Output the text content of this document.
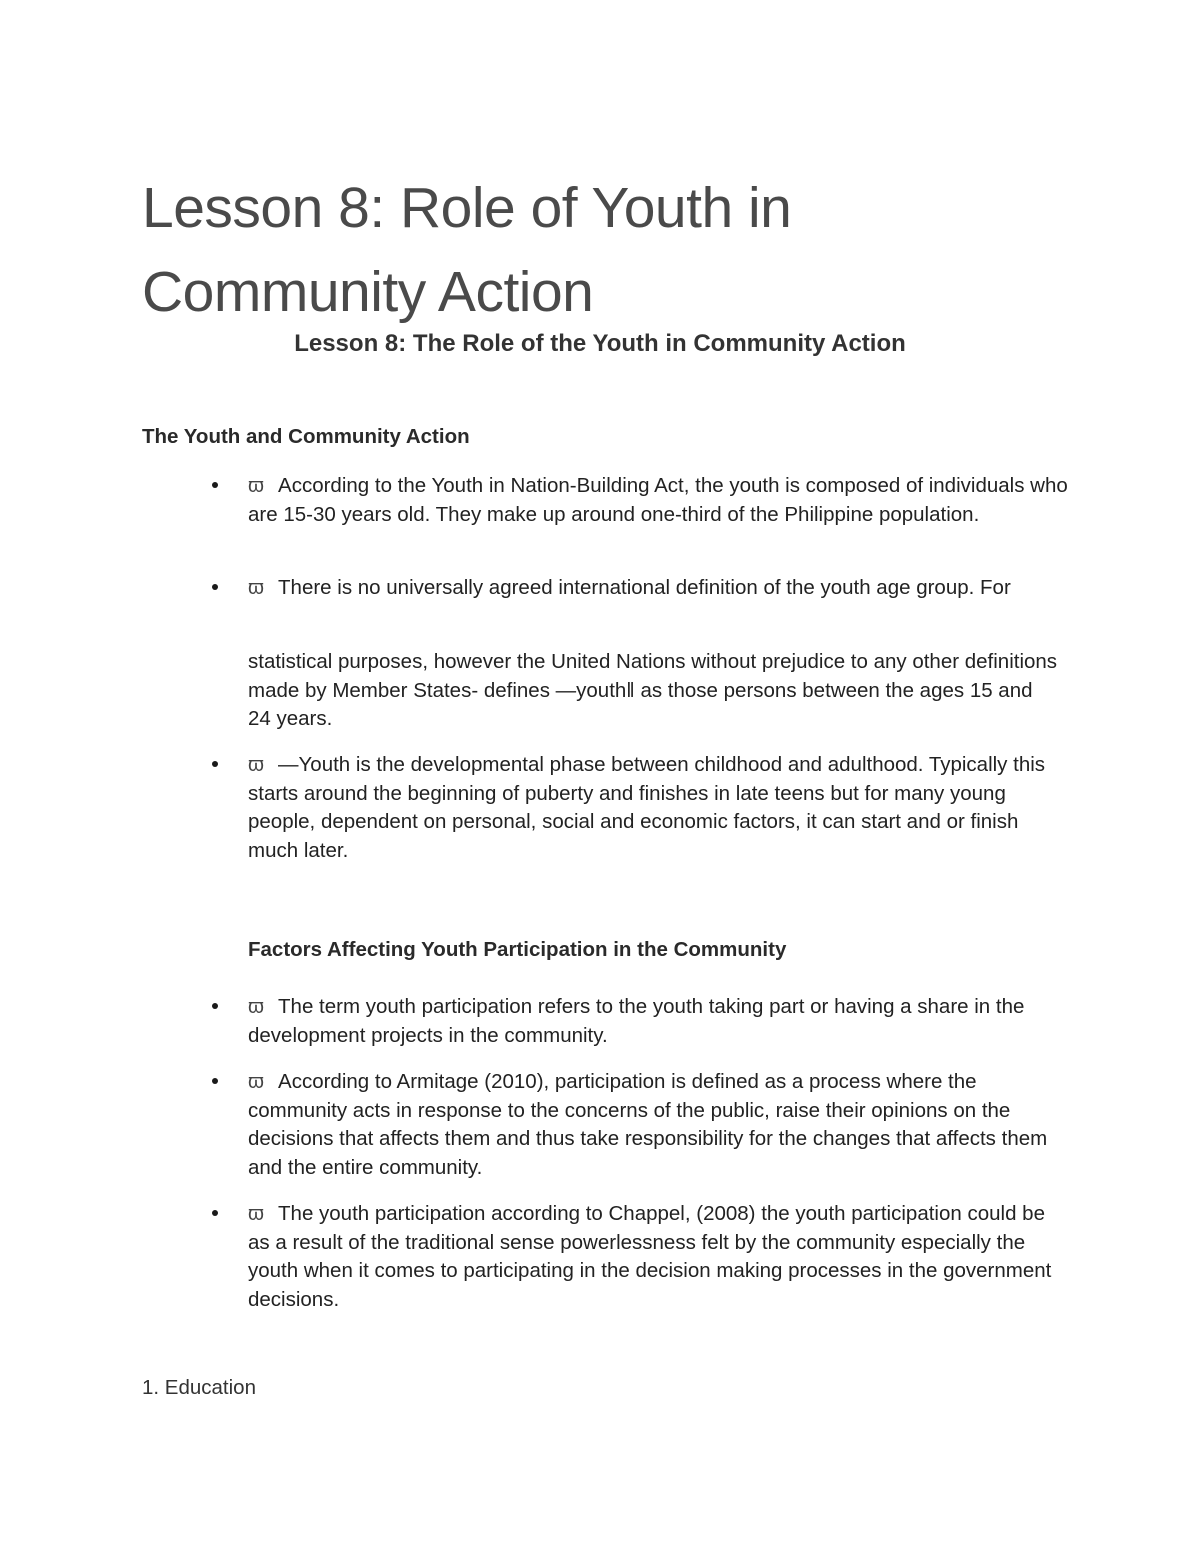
Lesson 8: Role of Youth in Community Action
Lesson 8: The Role of the Youth in Community Action
The Youth and Community Action

ϖ According to the Youth in Nation-Building Act, the youth is composed of individuals who are 15-30 years old. They make up around one-third of the Philippine population.

ϖ There is no universally agreed international definition of the youth age group. For

statistical purposes, however the United Nations without prejudice to any other definitions made by Member States- defines ―youth‖ as those persons between the ages 15 and 24 years.

ϖ ―Youth is the developmental phase between childhood and adulthood. Typically this starts around the beginning of puberty and finishes in late teens but for many young people, dependent on personal, social and economic factors, it can start and or finish much later.

Factors Affecting Youth Participation in the Community

ϖ The term youth participation refers to the youth taking part or having a share in the development projects in the community.

ϖ According to Armitage (2010), participation is defined as a process where the community acts in response to the concerns of the public, raise their opinions on the decisions that affects them and thus take responsibility for the changes that affects them and the entire community.

ϖ The youth participation according to Chappel, (2008) the youth participation could be as a result of the traditional sense powerlessness felt by the community especially the youth when it comes to participating in the decision making processes in the government decisions.

1. Education
